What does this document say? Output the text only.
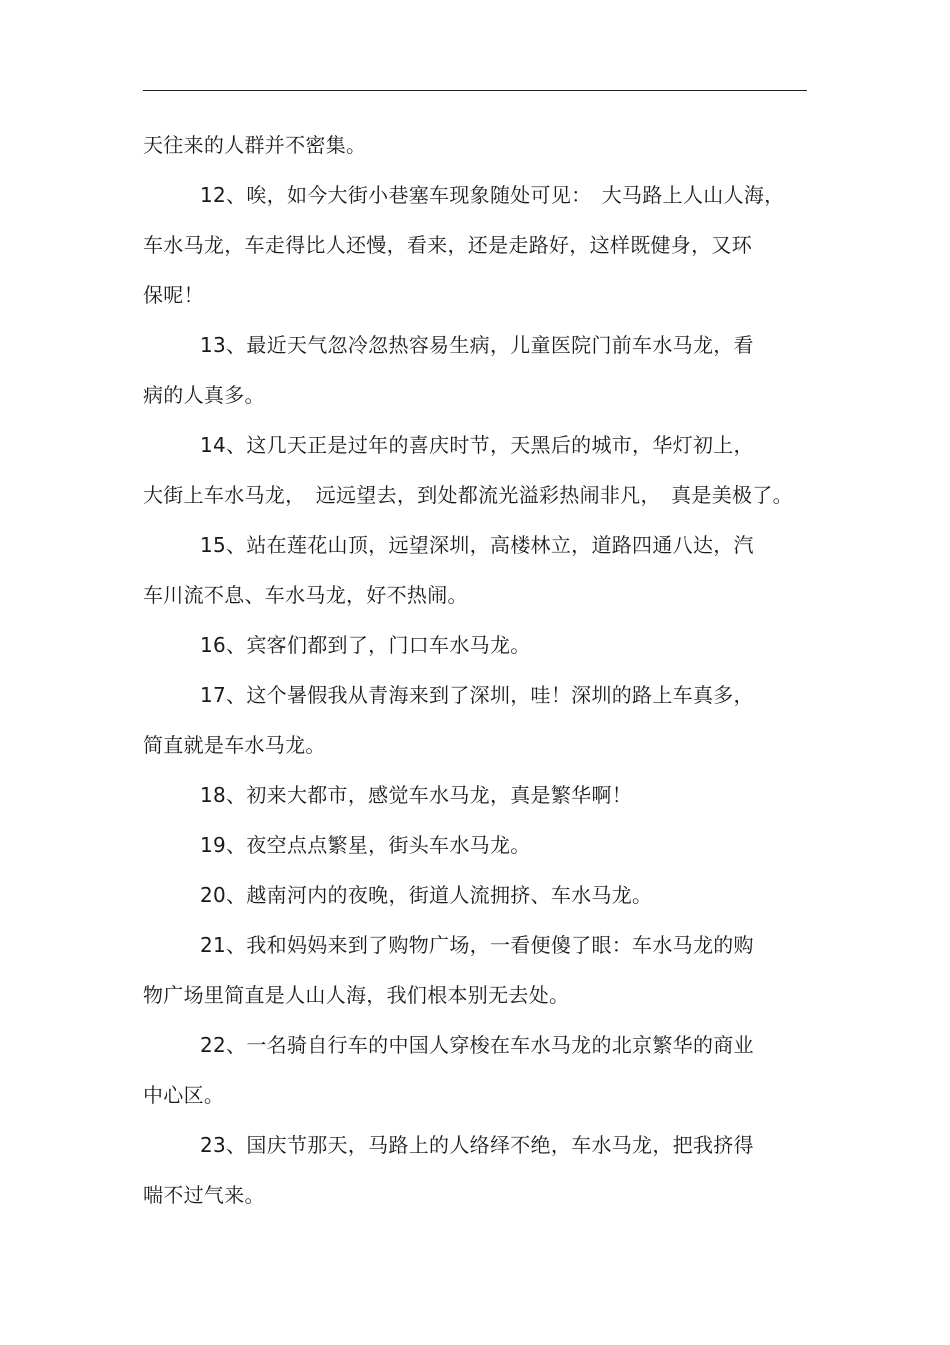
天往来的人群并不密集。
12、唉，如今大街小巷塞车现象随处可见：　大马路上人山人海，
车水马龙，车走得比人还慢，看来，还是走路好，这样既健身，又环
保呢！
13、最近天气忽冷忽热容易生病，儿童医院门前车水马龙，看
病的人真多。
14、这几天正是过年的喜庆时节，天黑后的城市，华灯初上，
大街上车水马龙，　远远望去，到处都流光溢彩热闹非凡，　真是美极了。
15、站在莲花山顶，远望深圳，高楼林立，道路四通八达，汽
车川流不息、车水马龙，好不热闹。
16、宾客们都到了，门口车水马龙。
17、这个暑假我从青海来到了深圳，哇！深圳的路上车真多，
简直就是车水马龙。
18、初来大都市，感觉车水马龙，真是繁华啊！
19、夜空点点繁星，街头车水马龙。
20、越南河内的夜晚，街道人流拥挤、车水马龙。
21、我和妈妈来到了购物广场，一看便傻了眼：车水马龙的购
物广场里简直是人山人海，我们根本别无去处。
22、一名骑自行车的中国人穿梭在车水马龙的北京繁华的商业
中心区。
23、国庆节那天，马路上的人络绎不绝，车水马龙，把我挤得
喘不过气来。
